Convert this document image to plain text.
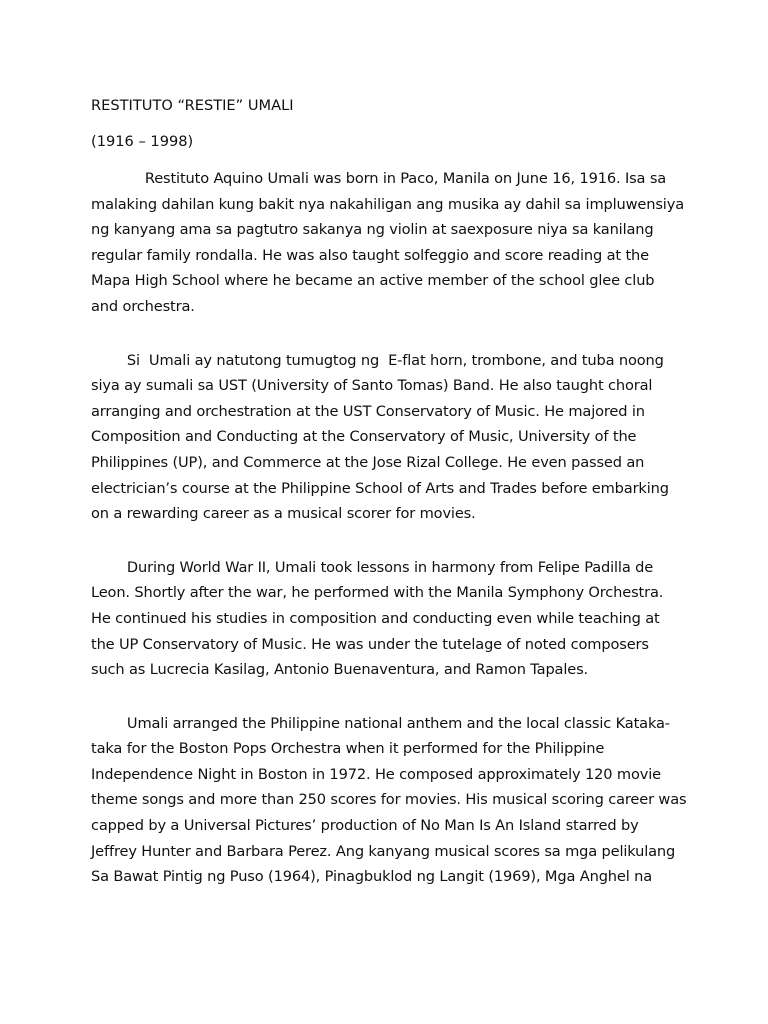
RESTITUTO “RESTIE” UMALI

(1916 – 1998)

Restituto Aquino Umali was born in Paco, Manila on June 16, 1916. Isa sa
malaking dahilan kung bakit nya nakahiligan ang musika ay dahil sa impluwensiya
ng kanyang ama sa pagtutro sakanya ng violin at saexposure niya sa kanilang
regular family rondalla. He was also taught solfeggio and score reading at the
Mapa High School where he became an active member of the school glee club
and orchestra.

Si  Umali ay natutong tumugtog ng  E-flat horn, trombone, and tuba noong
siya ay sumali sa UST (University of Santo Tomas) Band. He also taught choral
arranging and orchestration at the UST Conservatory of Music. He majored in
Composition and Conducting at the Conservatory of Music, University of the
Philippines (UP), and Commerce at the Jose Rizal College. He even passed an
electrician’s course at the Philippine School of Arts and Trades before embarking
on a rewarding career as a musical scorer for movies.

During World War II, Umali took lessons in harmony from Felipe Padilla de
Leon. Shortly after the war, he performed with the Manila Symphony Orchestra.
He continued his studies in composition and conducting even while teaching at
the UP Conservatory of Music. He was under the tutelage of noted composers
such as Lucrecia Kasilag, Antonio Buenaventura, and Ramon Tapales.

Umali arranged the Philippine national anthem and the local classic Kataka-
taka for the Boston Pops Orchestra when it performed for the Philippine
Independence Night in Boston in 1972. He composed approximately 120 movie
theme songs and more than 250 scores for movies. His musical scoring career was
capped by a Universal Pictures’ production of No Man Is An Island starred by
Jeffrey Hunter and Barbara Perez. Ang kanyang musical scores sa mga pelikulang
Sa Bawat Pintig ng Puso (1964), Pinagbuklod ng Langit (1969), Mga Anghel na
